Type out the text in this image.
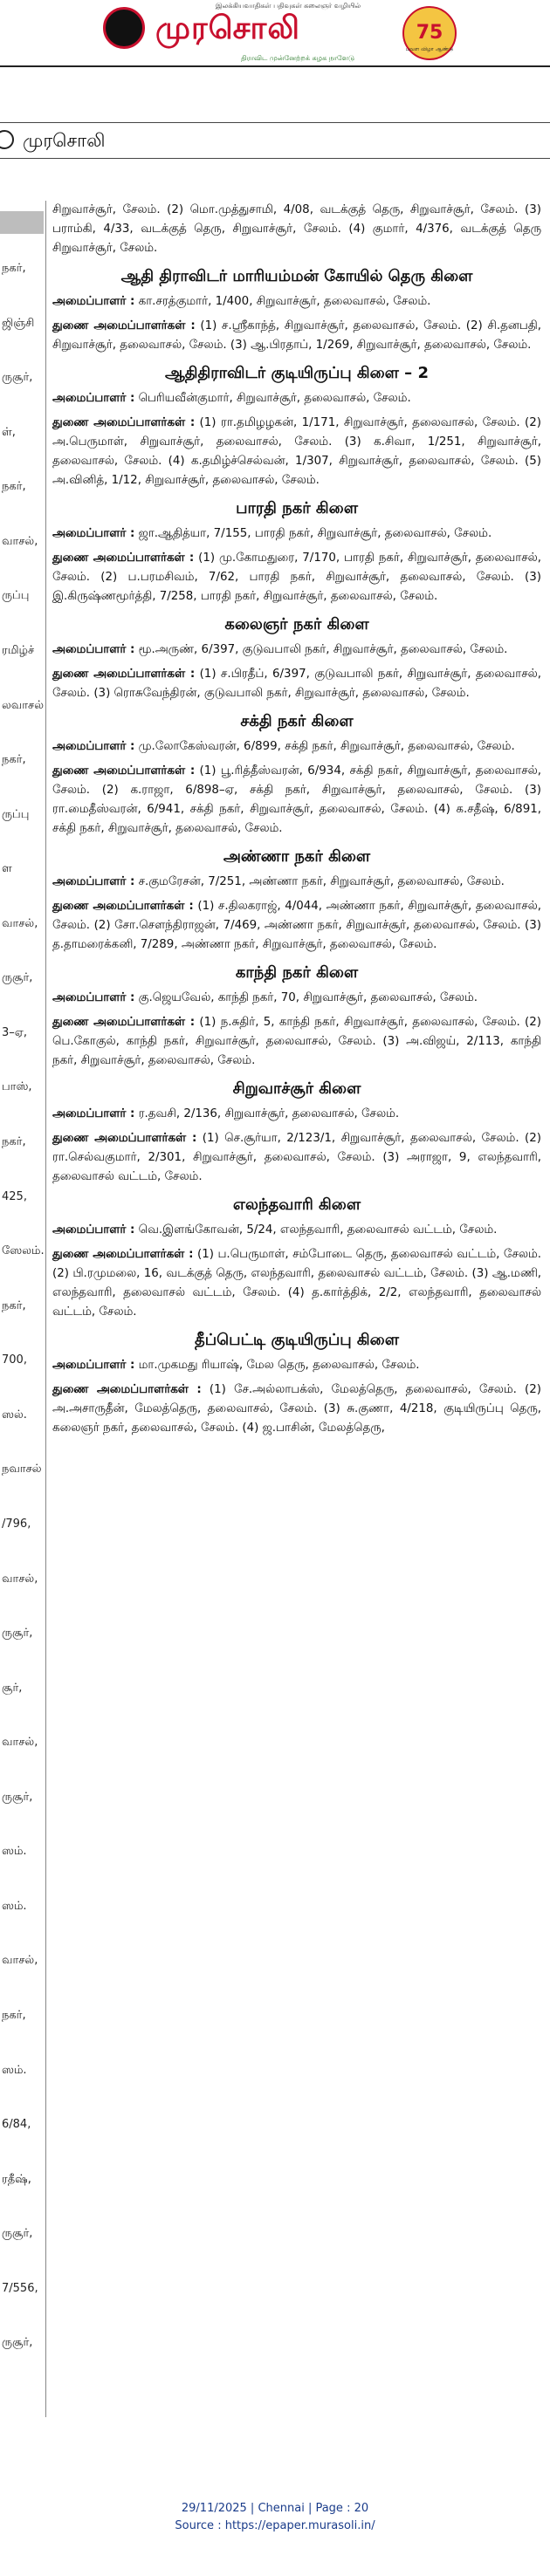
இலக்கியவாதிகள் பதிவுகள் கலைஞர் வழியில்
முரசொலி
திராவிட முன்னேற்றக் கழக நாளேடு
75
பவள விழா ஆண்டு
முரசொலி
நகர்,
ஜிஞ்சி
ருசூர்,
ள்,
நகர்,
வாசல்,
ருப்பு
ரமிழ்ச்
லவாசல்
நகர்,
ருப்பு
ள
வாசல்,
ருசூர்,
3–ஏ,
பாஸ்,
நகர்,
425,
ஸேலம்.
நகர்,
700,
ஸல்.
நவாசல்
/796,
வாசல்,
ருசூர்,
சூர்,
வாசல்,
ருசூர்,
ஸம்.
ஸம்.
வாசல்,
நகர்,
ஸம்.
6/84,
ரதீஷ்,
ருசூர்,
7/556,
ருசூர்,

சிறுவாச்சூர், சேலம். (2) மொ.முத்துசாமி, 4/08, வடக்குத் தெரு, சிறுவாச்சூர், சேலம். (3) பராம்கி, 4/33, வடக்குத் தெரு, சிறுவாச்சூர், சேலம். (4) குமார், 4/376, வடக்குத் தெரு சிறுவாச்சூர், சேலம்.

ஆதி திராவிடர் மாரியம்மன் கோயில் தெரு கிளை

அமைப்பாளர் : கா.சரத்குமார், 1/400, சிறுவாச்சூர், தலைவாசல், சேலம்.

துணை அமைப்பாளர்கள் : (1) ச.ஸ்ரீகாந்த், சிறுவாச்சூர், தலைவாசல், சேலம். (2) சி.தனபதி, சிறுவாச்சூர், தலைவாசல், சேலம். (3) ஆ.பிரதாப், 1/269, சிறுவாச்சூர், தலைவாசல், சேலம்.

ஆதிதிராவிடர் குடியிருப்பு கிளை – 2

அமைப்பாளர் : பெரியவீன்குமார், சிறுவாச்சூர், தலைவாசல், சேலம்.

துணை அமைப்பாளர்கள் : (1) ரா.தமிழழகன், 1/171, சிறுவாச்சூர், தலைவாசல், சேலம். (2) அ.பெருமாள், சிறுவாச்சூர், தலைவாசல், சேலம். (3) க.சிவா, 1/251, சிறுவாச்சூர், தலைவாசல், சேலம். (4) க.தமிழ்ச்செல்வன், 1/307, சிறுவாச்சூர், தலைவாசல், சேலம். (5) அ.வினித், 1/12, சிறுவாச்சூர், தலைவாசல், சேலம்.

பாரதி நகர் கிளை

அமைப்பாளர் : ஜா.ஆதித்யா, 7/155, பாரதி நகர், சிறுவாச்சூர், தலைவாசல், சேலம்.

துணை அமைப்பாளர்கள் : (1) மு.கோமதுரை, 7/170, பாரதி நகர், சிறுவாச்சூர், தலைவாசல், சேலம். (2) ப.பரமசிவம், 7/62, பாரதி நகர், சிறுவாச்சூர், தலைவாசல், சேலம். (3) இ.கிருஷ்ணமூர்த்தி, 7/258, பாரதி நகர், சிறுவாச்சூர், தலைவாசல், சேலம்.

கலைஞர் நகர் கிளை

அமைப்பாளர் : மூ.அருண், 6/397, குடுவபாலி நகர், சிறுவாச்சூர், தலைவாசல், சேலம்.

துணை அமைப்பாளர்கள் : (1) ச.பிரதீப், 6/397, குடுவபாலி நகர், சிறுவாச்சூர், தலைவாசல், சேலம். (3) ரொசுவேந்திரன், குடுவபாலி நகர், சிறுவாச்சூர், தலைவாசல், சேலம்.

சக்தி நகர் கிளை

அமைப்பாளர் : மு.லோகேஸ்வரன், 6/899, சக்தி நகர், சிறுவாச்சூர், தலைவாசல், சேலம்.

துணை அமைப்பாளர்கள் : (1) பூ.ரித்தீஸ்வரன், 6/934, சக்தி நகர், சிறுவாச்சூர், தலைவாசல், சேலம். (2) க.ராஜா, 6/898–ஏ, சக்தி நகர், சிறுவாச்சூர், தலைவாசல், சேலம். (3) ரா.மைதீஸ்வரன், 6/941, சக்தி நகர், சிறுவாச்சூர், தலைவாசல், சேலம். (4) க.சதீஷ், 6/891, சக்தி நகர், சிறுவாச்சூர், தலைவாசல், சேலம்.

அண்ணா நகர் கிளை

அமைப்பாளர் : ச.குமரேசன், 7/251, அண்ணா நகர், சிறுவாச்சூர், தலைவாசல், சேலம்.

துணை அமைப்பாளர்கள் : (1) ச.திலகராஜ், 4/044, அண்ணா நகர், சிறுவாச்சூர், தலைவாசல், சேலம். (2) சோ.சௌந்திராஜன், 7/469, அண்ணா நகர், சிறுவாச்சூர், தலைவாசல், சேலம். (3) த.தாமரைக்கனி, 7/289, அண்ணா நகர், சிறுவாச்சூர், தலைவாசல், சேலம்.

காந்தி நகர் கிளை

அமைப்பாளர் : கு.ஜெயவேல், காந்தி நகர், 70, சிறுவாச்சூர், தலைவாசல், சேலம்.

துணை அமைப்பாளர்கள் : (1) ந.சுதிர், 5, காந்தி நகர், சிறுவாச்சூர், தலைவாசல், சேலம். (2) பெ.கோகுல், காந்தி நகர், சிறுவாச்சூர், தலைவாசல், சேலம். (3) அ.விஜய், 2/113, காந்தி நகர், சிறுவாச்சூர், தலைவாசல், சேலம்.

சிறுவாச்சூர் கிளை

அமைப்பாளர் : ர.தவசி, 2/136, சிறுவாச்சூர், தலைவாசல், சேலம்.

துணை அமைப்பாளர்கள் : (1) செ.சூர்யா, 2/123/1, சிறுவாச்சூர், தலைவாசல், சேலம். (2) ரா.செல்வகுமார், 2/301, சிறுவாச்சூர், தலைவாசல், சேலம். (3) அராஜா, 9, எலந்தவாரி, தலைவாசல் வட்டம், சேலம்.

எலந்தவாரி கிளை

அமைப்பாளர் : வெ.இளங்கோவன், 5/24, எலந்தவாரி, தலைவாசல் வட்டம், சேலம்.

துணை அமைப்பாளர்கள் : (1) ப.பெருமாள், சம்போடை தெரு, தலைவாசல் வட்டம், சேலம். (2) பி.ரமுமலை, 16, வடக்குத் தெரு, எலந்தவாரி, தலைவாசல் வட்டம், சேலம். (3) ஆ.மணி, எலந்தவாரி, தலைவாசல் வட்டம், சேலம். (4) த.கார்த்திக், 2/2, எலந்தவாரி, தலைவாசல் வட்டம், சேலம்.

தீப்பெட்டி குடியிருப்பு கிளை

அமைப்பாளர் : மா.முகமது ரியாஷ், மேல தெரு, தலைவாசல், சேலம்.

துணை அமைப்பாளர்கள் : (1) சே.அல்லாபக்ஸ், மேலத்தெரு, தலைவாசல், சேலம். (2) அ.அசாருதீன், மேலத்தெரு, தலைவாசல், சேலம். (3) சு.குணா, 4/218, குடியிருப்பு தெரு, கலைஞர் நகர், தலைவாசல், சேலம். (4) ஜ.பாசின், மேலத்தெரு,

29/11/2025 | Chennai | Page : 20
Source : https://epaper.murasoli.in/
